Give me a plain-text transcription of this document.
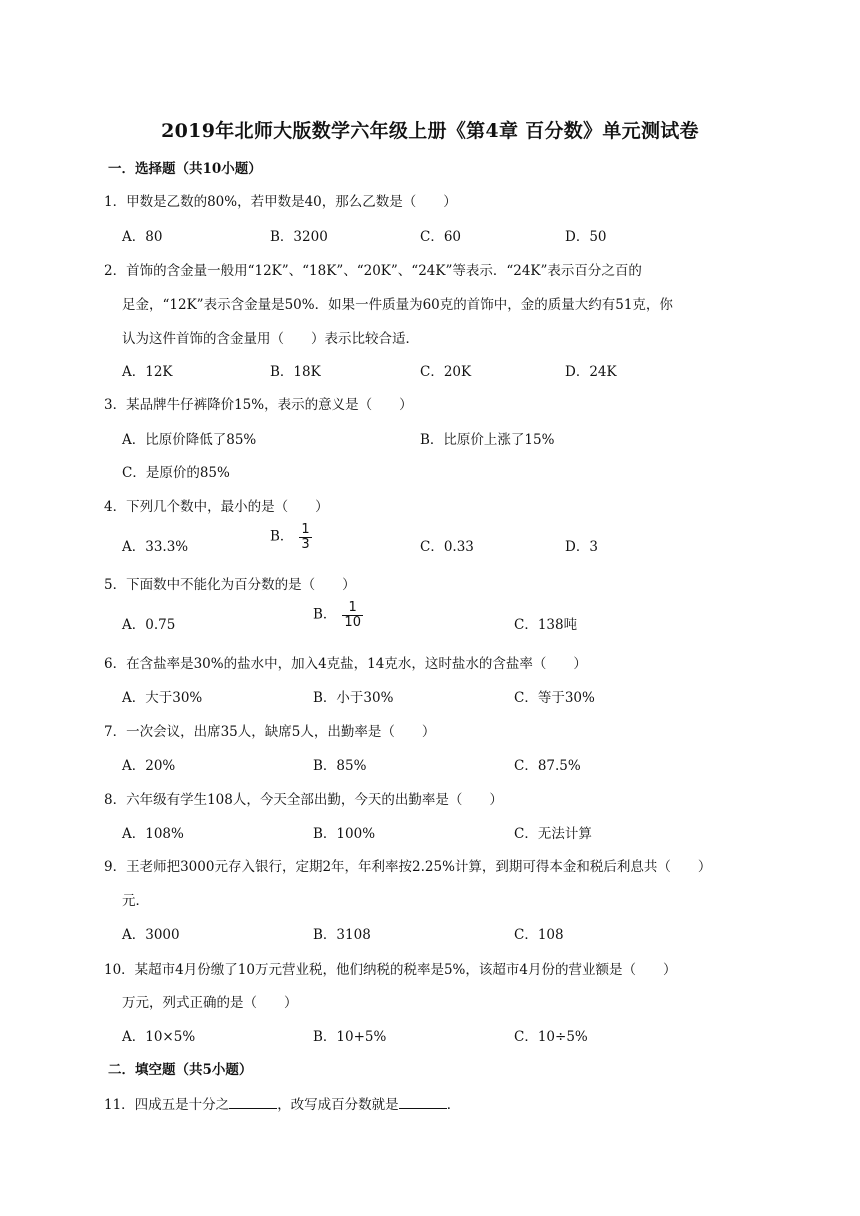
2019年北师大版数学六年级上册《第4章 百分数》单元测试卷
一．选择题（共10小题）
1．甲数是乙数的80%，若甲数是40，那么乙数是（　　）
A．80	B．3200	C．60	D．50
2．首饰的含金量一般用“12K”、“18K”、“20K”、“24K”等表示．“24K”表示百分之百的
足金，“12K”表示含金量是50%．如果一件质量为60克的首饰中，金的质量大约有51克，你
认为这件首饰的含金量用（　　）表示比较合适．
A．12K	B．18K	C．20K	D．24K
3．某品牌牛仔裤降价15%，表示的意义是（　　）
A．比原价降低了85%	B．比原价上涨了15%
C．是原价的85%
4．下列几个数中，最小的是（　　）
A．33.3%
B． $\frac{1}{3}$	C．0.33	D．3
5．下面数中不能化为百分数的是（　　）
A．0.75
B． $\frac{1}{10}$	C．138吨
6．在含盐率是30%的盐水中，加入4克盐，14克水，这时盐水的含盐率（　　）
A．大于30%	B．小于30%	C．等于30%
7．一次会议，出席35人，缺席5人，出勤率是（　　）
A．20%	B．85%	C．87.5%
8．六年级有学生108人，今天全部出勤，今天的出勤率是（　　）
A．108%	B．100%	C．无法计算
9．王老师把3000元存入银行，定期2年，年利率按2.25%计算，到期可得本金和税后利息共（　　）
元．
A．3000	B．3108	C．108
10．某超市4月份缴了10万元营业税，他们纳税的税率是5%，该超市4月份的营业额是（　　）
万元，列式正确的是（　　）
A．10×5%	B．10+5%	C．10÷5%
二．填空题（共5小题）
11．四成五是十分之	，改写成百分数就是	．
